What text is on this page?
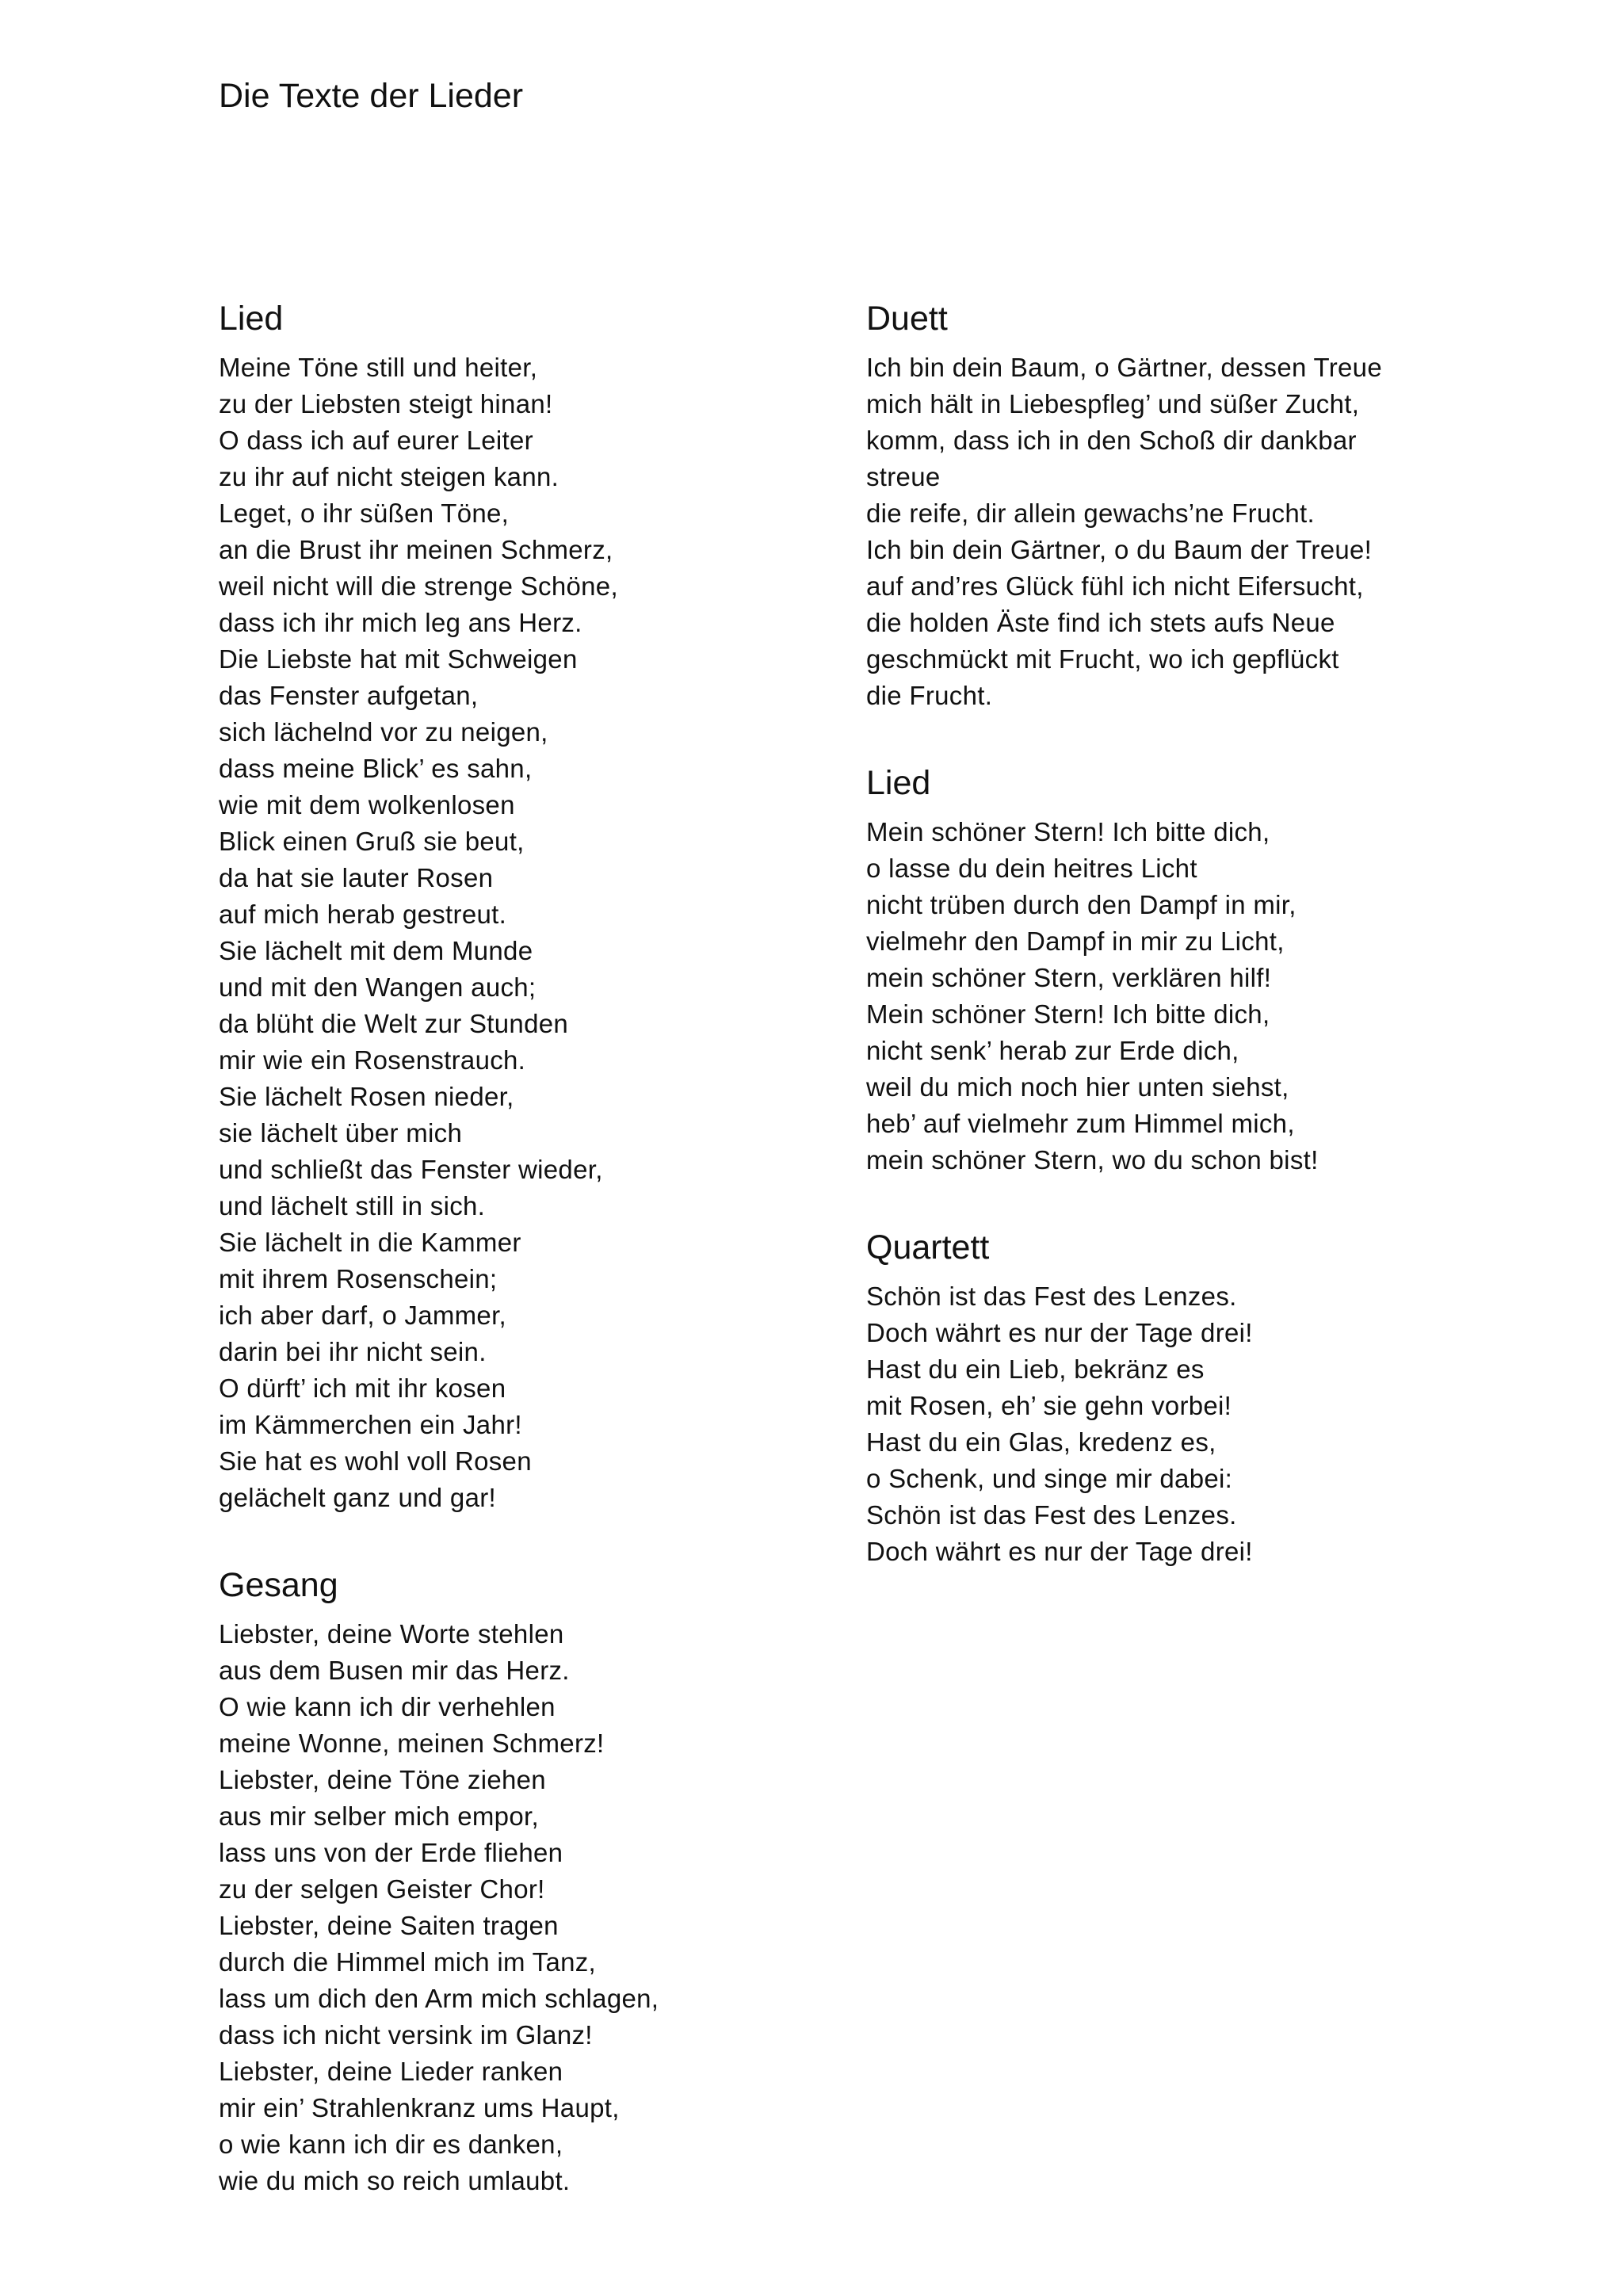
Die Texte der Lieder
Lied
Meine Töne still und heiter,
zu der Liebsten steigt hinan!
O dass ich auf eurer Leiter
zu ihr auf nicht steigen kann.
Leget, o ihr süßen Töne,
an die Brust ihr meinen Schmerz,
weil nicht will die strenge Schöne,
dass ich ihr mich leg ans Herz.
Die Liebste hat mit Schweigen
das Fenster aufgetan,
sich lächelnd vor zu neigen,
dass meine Blick’ es sahn,
wie mit dem wolkenlosen
Blick einen Gruß sie beut,
da hat sie lauter Rosen
auf mich herab gestreut.
Sie lächelt mit dem Munde
und mit den Wangen auch;
da blüht die Welt zur Stunden
mir wie ein Rosenstrauch.
Sie lächelt Rosen nieder,
sie lächelt über mich
und schließt das Fenster wieder,
und lächelt still in sich.
Sie lächelt in die Kammer
mit ihrem Rosenschein;
ich aber darf, o Jammer,
darin bei ihr nicht sein.
O dürft’ ich mit ihr kosen
im Kämmerchen ein Jahr!
Sie hat es wohl voll Rosen
gelächelt ganz und gar!
Gesang
Liebster, deine Worte stehlen
aus dem Busen mir das Herz.
O wie kann ich dir verhehlen
meine Wonne, meinen Schmerz!
Liebster, deine Töne ziehen
aus mir selber mich empor,
lass uns von der Erde fliehen
zu der selgen Geister Chor!
Liebster, deine Saiten tragen
durch die Himmel mich im Tanz,
lass um dich den Arm mich schlagen,
dass ich nicht versink im Glanz!
Liebster, deine Lieder ranken
mir ein’ Strahlenkranz ums Haupt,
o wie kann ich dir es danken,
wie du mich so reich umlaubt.
Duett
Ich bin dein Baum, o Gärtner, dessen Treue
mich hält in Liebespfleg’ und süßer Zucht,
komm, dass ich in den Schoß dir dankbar
streue
die reife, dir allein gewachs’ne Frucht.
Ich bin dein Gärtner, o du Baum der Treue!
auf and’res Glück fühl ich nicht Eifersucht,
die holden Äste find ich stets aufs Neue
geschmückt mit Frucht, wo ich gepflückt
die Frucht.
Lied
Mein schöner Stern! Ich bitte dich,
o lasse du dein heitres Licht
nicht trüben durch den Dampf in mir,
vielmehr den Dampf in mir zu Licht,
mein schöner Stern, verklären hilf!
Mein schöner Stern! Ich bitte dich,
nicht senk’ herab zur Erde dich,
weil du mich noch hier unten siehst,
heb’ auf vielmehr zum Himmel mich,
mein schöner Stern, wo du schon bist!
Quartett
Schön ist das Fest des Lenzes.
Doch währt es nur der Tage drei!
Hast du ein Lieb, bekränz es
mit Rosen, eh’ sie gehn vorbei!
Hast du ein Glas, kredenz es,
o Schenk, und singe mir dabei:
Schön ist das Fest des Lenzes.
Doch währt es nur der Tage drei!
